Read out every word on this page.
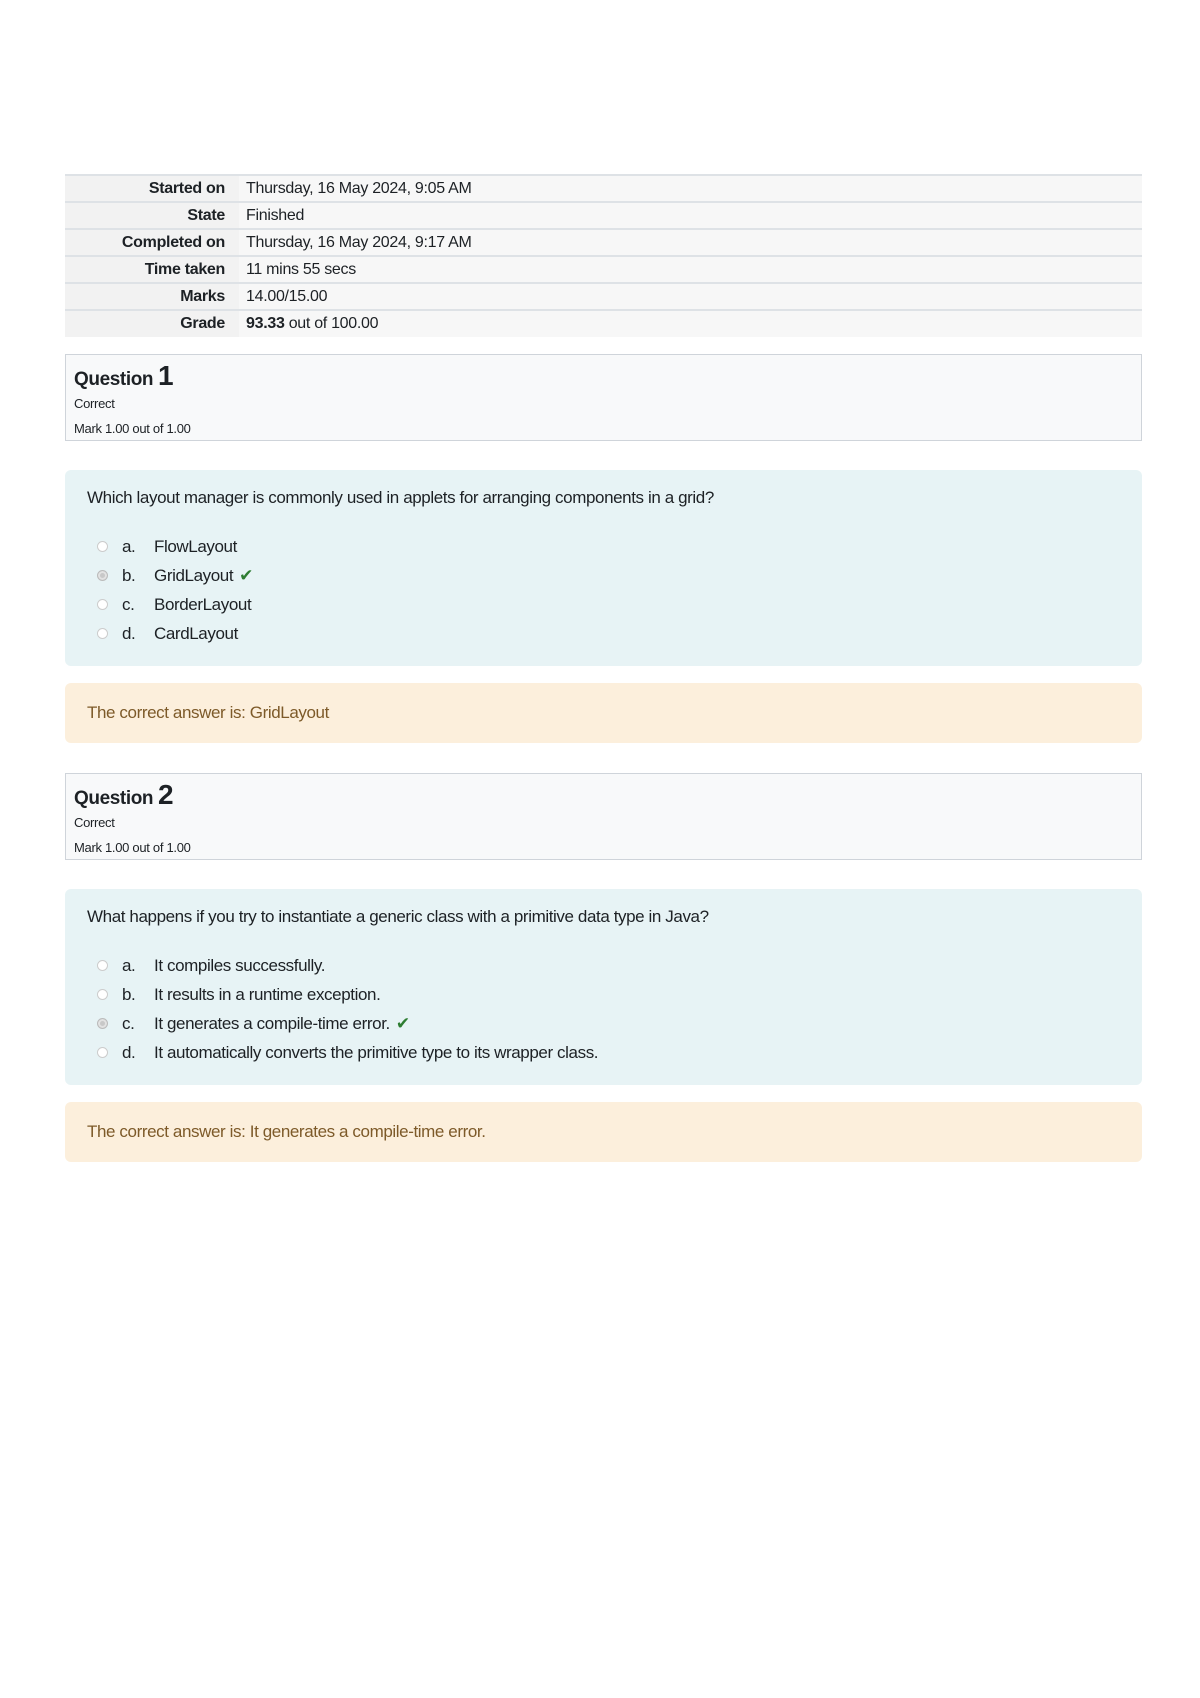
Started on	Thursday, 16 May 2024, 9:05 AM
State	Finished
Completed on	Thursday, 16 May 2024, 9:17 AM
Time taken	11 mins 55 secs
Marks	14.00/15.00
Grade	93.33 out of 100.00
Question 1
Correct
Mark 1.00 out of 1.00
Which layout manager is commonly used in applets for arranging components in a grid?
a.	FlowLayout
b.	GridLayout ✔
c.	BorderLayout
d.	CardLayout
The correct answer is: GridLayout
Question 2
Correct
Mark 1.00 out of 1.00
What happens if you try to instantiate a generic class with a primitive data type in Java?
a.	It compiles successfully.
b.	It results in a runtime exception.
c.	It generates a compile-time error. ✔
d.	It automatically converts the primitive type to its wrapper class.
The correct answer is: It generates a compile-time error.
